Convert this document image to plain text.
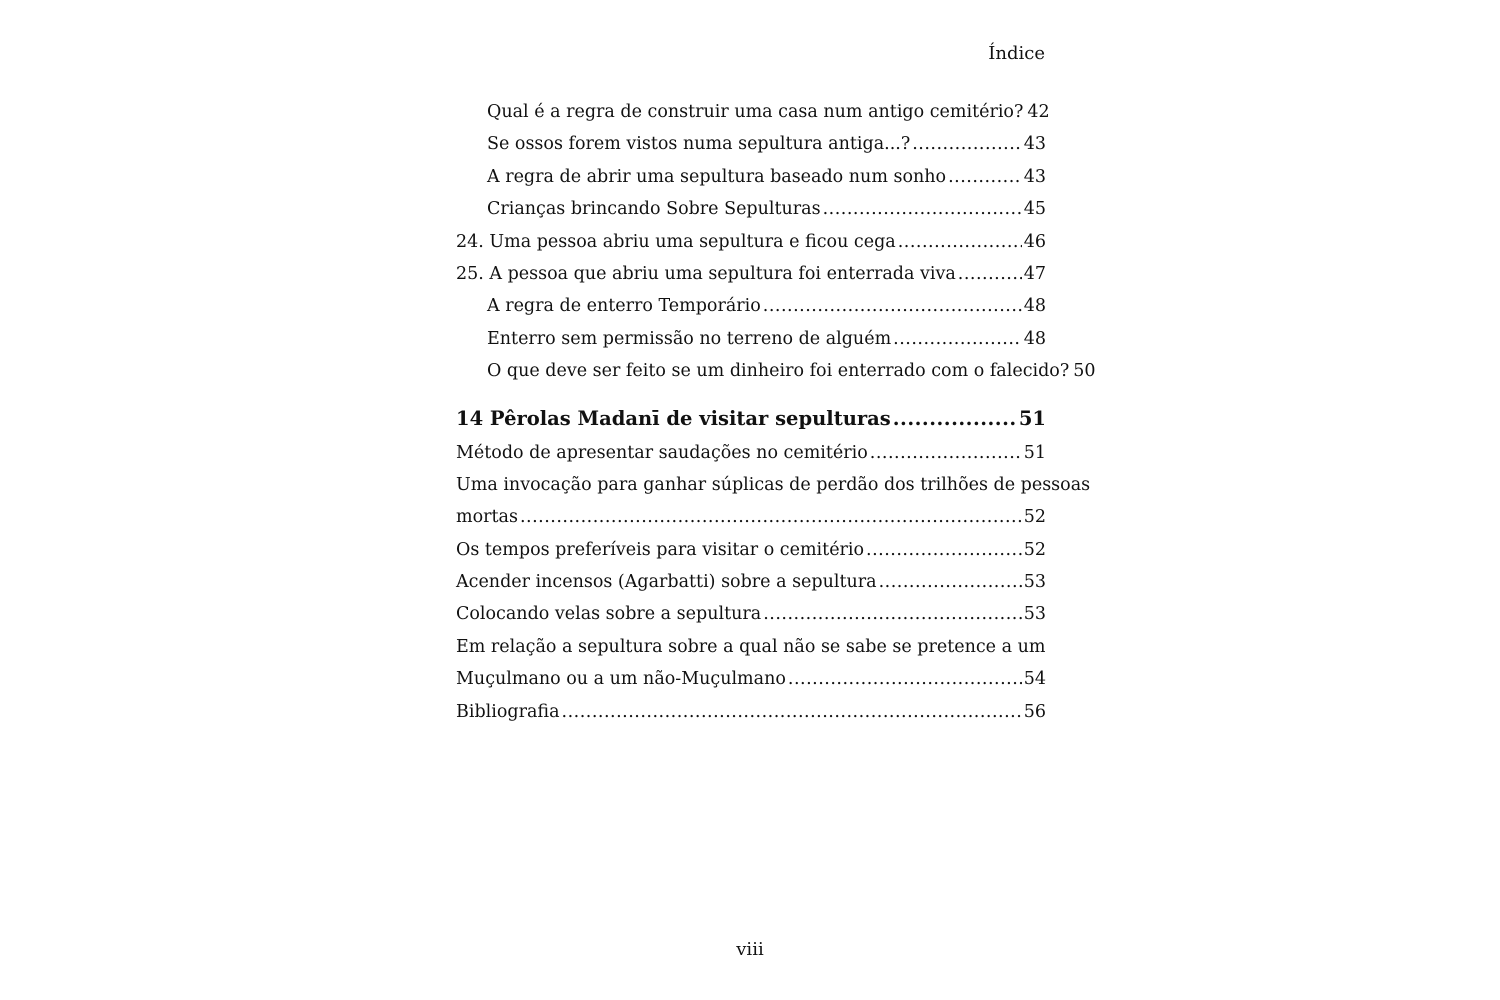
Índice
Qual é a regra de construir uma casa num antigo cemitério? 42
Se ossos forem vistos numa sepultura antiga...? .....	43
A regra de abrir uma sepultura baseado num sonho .....	43
Crianças brincando Sobre Sepulturas .....	45
24. Uma pessoa abriu uma sepultura e ficou cega .....	46
25. A pessoa que abriu uma sepultura foi enterrada viva .....	47
A regra de enterro Temporário .....	48
Enterro sem permissão no terreno de alguém .....	48
O que deve ser feito se um dinheiro foi enterrado com o falecido? 50
14 Pêrolas Madanī de visitar sepulturas .....	51
Método de apresentar saudações no cemitério .....	51
Uma invocação para ganhar súplicas de perdão dos trilhões de pessoas
mortas .....	52
Os tempos preferíveis para visitar o cemitério .....	52
Acender incensos (Agarbatti) sobre a sepultura .....	53
Colocando velas sobre a sepultura .....	53
Em relação a sepultura sobre a qual não se sabe se pretence a um
Muçulmano ou a um não-Muçulmano .....	54
Bibliografia .....	56
viii
